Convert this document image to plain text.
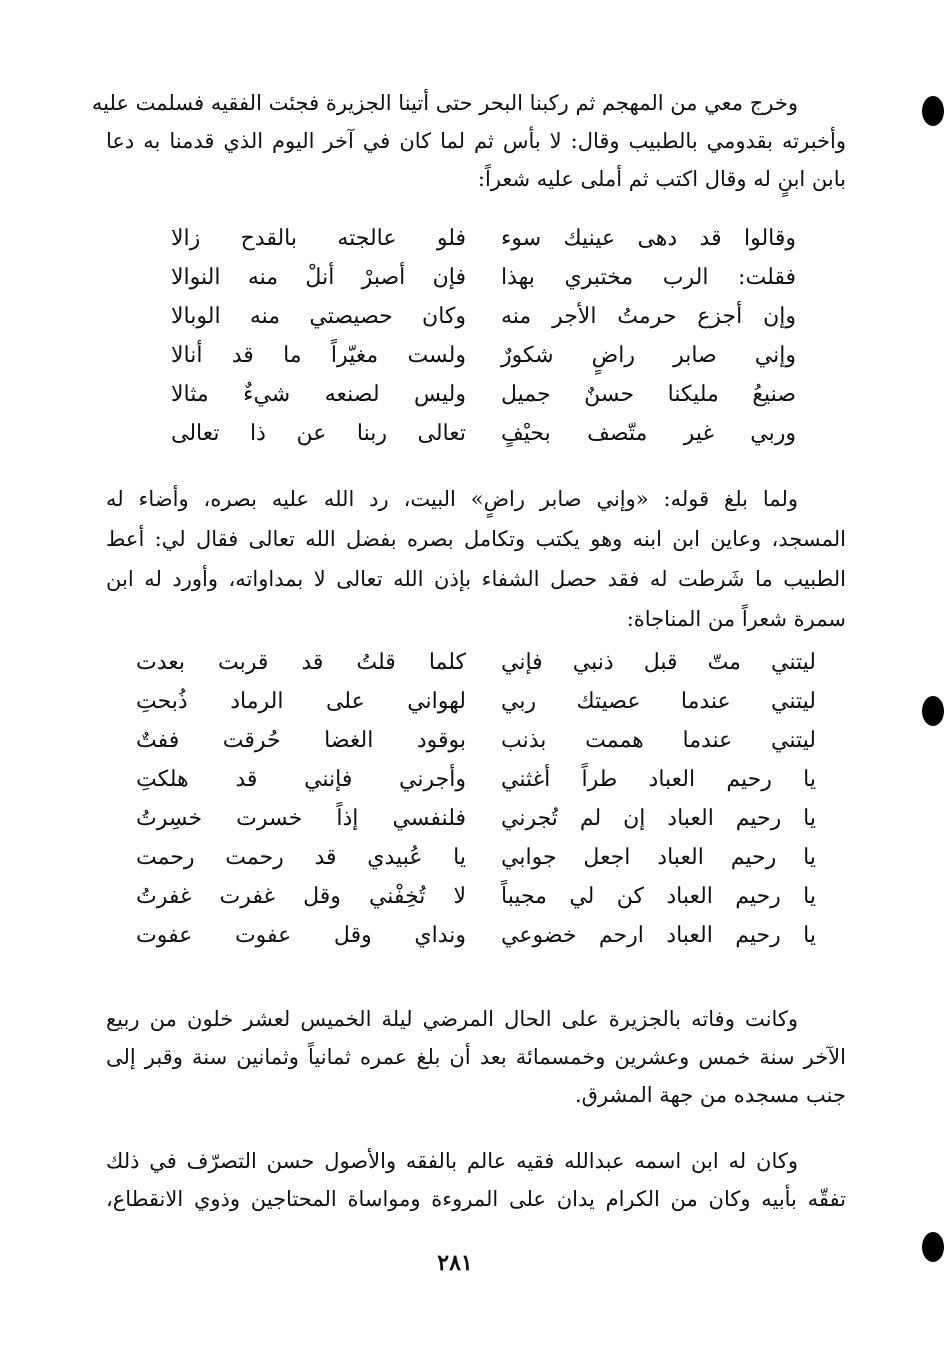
وخرج معي من المهجم ثم ركبنا البحر حتى أتينا الجزيرة فجئت الفقيه فسلمت عليه
وأخبرته بقدومي بالطبيب وقال: لا بأس ثم لما كان في آخر اليوم الذي قدمنا به دعا
بابن ابنٍ له وقال اكتب ثم أملى عليه شعراً:
وقالوا قد دهى عينيك سوء
فلو عالجته بالقدح زالا
فقلت: الرب مختبري بهذا
فإن أصبرْ أنلْ منه النوالا
وإن أجزع حرمتُ الأجر منه
وكان حصيصتي منه الوبالا
وإني صابر راضٍ شكورٌ
ولست مغيّراً ما قد أنالا
صنيعُ مليكنا حسنٌ جميل
وليس لصنعه شيءٌ مثالا
وربي غير متّصف بحيْفٍ
تعالى ربنا عن ذا تعالى
ولما بلغ قوله: «وإني صابر راضٍ» البيت، رد الله عليه بصره، وأضاء له
المسجد، وعاين ابن ابنه وهو يكتب وتكامل بصره بفضل الله تعالى فقال لي: أعط
الطبيب ما شَرطت له فقد حصل الشفاء بإذن الله تعالى لا بمداواته، وأورد له ابن
سمرة شعراً من المناجاة:
ليتني متّ قبل ذنبي فإني
كلما قلتُ قد قربت بعدت
ليتني عندما عصيتك ربي
لهواني على الرماد ذُبحتِ
ليتني عندما هممت بذنب
بوقود الغضا حُرقت ففتٌ
يا رحيم العباد طراً أغثني
وأجرني فإنني قد هلكتِ
يا رحيم العباد إن لم تُجرني
فلنفسي إذاً خسرت خسِرتُ
يا رحيم العباد اجعل جوابي
يا عُبيدي قد رحمت رحمت
يا رحيم العباد كن لي مجيباً
لا تُخِفْني وقل غفرت غفرتُ
يا رحيم العباد ارحم خضوعي
ونداي وقل عفوت عفوت
وكانت وفاته بالجزيرة على الحال المرضي ليلة الخميس لعشر خلون من ربيع
الآخر سنة خمس وعشرين وخمسمائة بعد أن بلغ عمره ثمانياً وثمانين سنة وقبر إلى
جنب مسجده من جهة المشرق.
وكان له ابن اسمه عبدالله فقيه عالم بالفقه والأصول حسن التصرّف في ذلك
تفقّه بأبيه وكان من الكرام يدان على المروءة ومواساة المحتاجين وذوي الانقطاع،
٢٨١
